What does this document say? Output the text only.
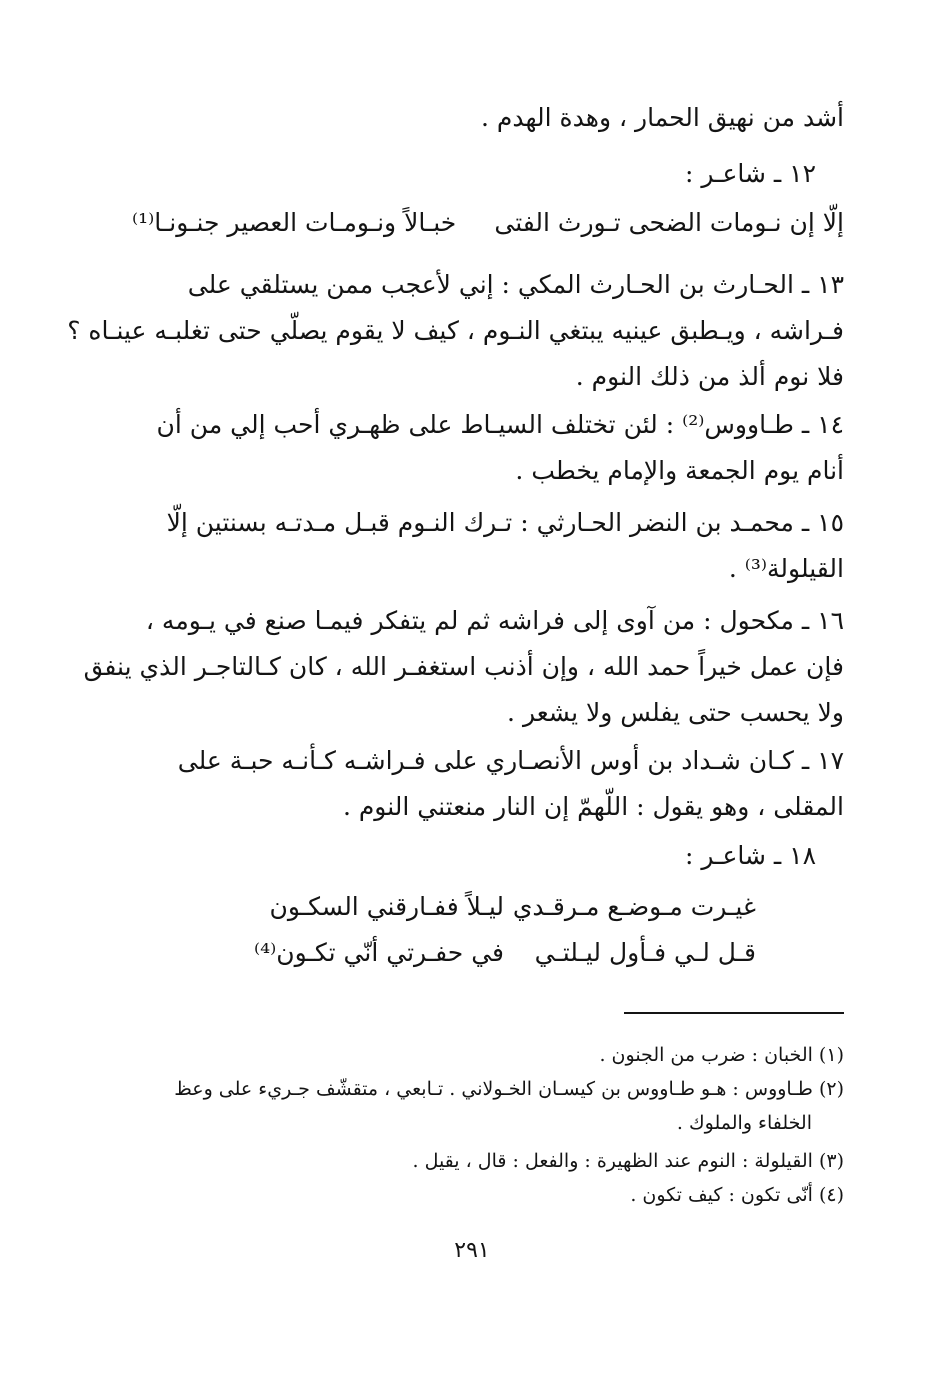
أشد من نهيق الحمار ، وهدة الهدم .
١٢ ـ شاعـر :
إلّا إن نـومات الضحى تـورث الفتى
خبـالاً ونـومـات العصير جنـونـا⁽¹⁾
١٣ ـ الحـارث بن الحـارث المكي : إني لأعجب ممن يستلقي على
فـراشه ، ويـطبق عينيه يبتغي النـوم ، كيف لا يقوم يصلّي حتى تغلبـه عينـاه ؟
فلا نوم ألذ من ذلك النوم .
١٤ ـ طـاووس⁽²⁾ : لئن تختلف السيـاط على ظهـري أحب إلي من أن
أنام يوم الجمعة والإمام يخطب .
١٥ ـ محمـد بن النضر الحـارثي : تـرك النـوم قبـل مـدتـه بسنتين إلّا
القيلولة⁽³⁾ .
١٦ ـ مكحول : من آوى إلى فراشه ثم لم يتفكر فيمـا صنع في يـومه ،
فإن عمل خيراً حمد الله ، وإن أذنب استغفـر الله ، كان كـالتاجـر الذي ينفق
ولا يحسب حتى يفلس ولا يشعر .
١٧ ـ كـان شـداد بن أوس الأنصـاري على فـراشـه كـأنـه حبـة على
المقلى ، وهو يقول : اللّهمّ إن النار منعتني النوم .
١٨ ـ شاعـر :
غيـرت مـوضـع مـرقـدي
ليـلاً ففـارقني السكـون
قـل لـي فـأول ليـلتـي
في حفـرتي أنّي تكـون⁽⁴⁾
(١) الخبان : ضرب من الجنون .
(٢) طـاووس : هـو طـاووس بن كيسـان الخـولاني . تـابعي ، متقشّف جـريء على وعظ
الخلفاء والملوك .
(٣) القيلولة : النوم عند الظهيرة : والفعل : قال ، يقيل .
(٤) أنّى تكون : كيف تكون .
٢٩١
